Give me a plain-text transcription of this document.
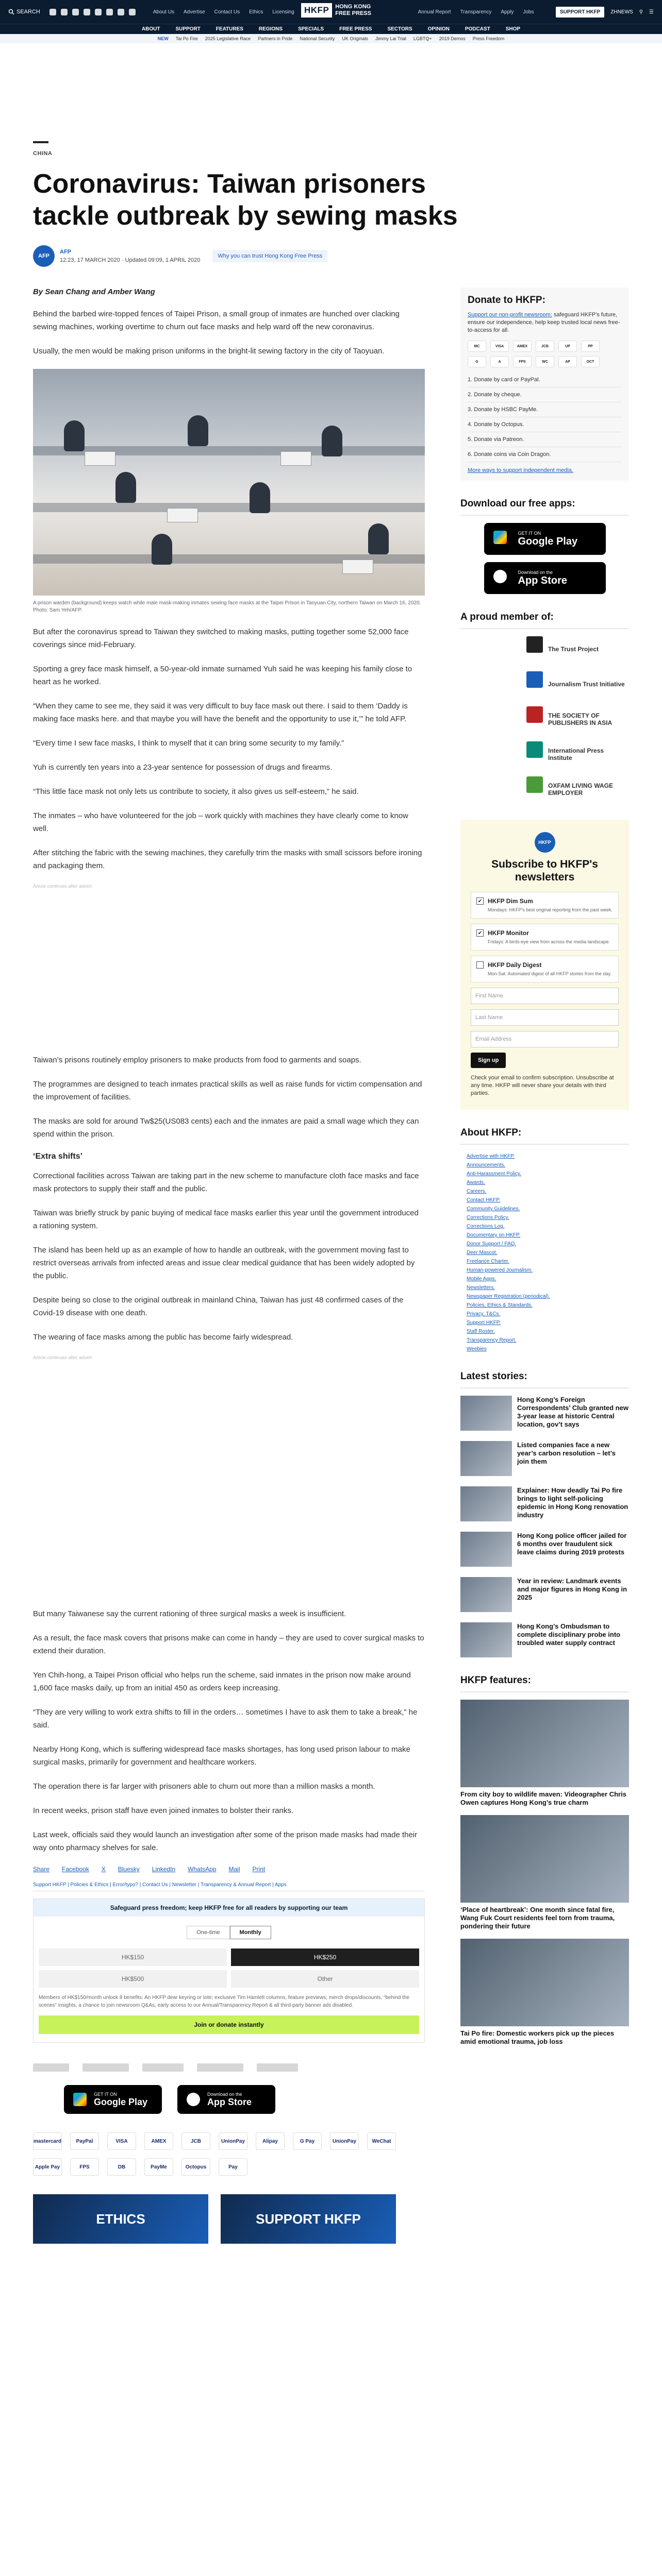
SEARCH	About Us Advertise Contact Us Ethics Licensing	HKFP	HONG KONG FREE PRESS	Annual Report Transparency Apply Jobs	SUPPORT HKFP	ZHNEWS ⚲ ☰
ABOUT	SUPPORT	FEATURES	REGIONS	SPECIALS	FREE PRESS	SECTORS	OPINION	PODCAST	SHOP
NEW Tai Po Fire 2025 Legislative Race Partners in Pride National Security UK Originals Jimmy Lai Trial LGBTQ+ 2019 Demos Press Freedom
CHINA
Coronavirus: Taiwan prisoners tackle outbreak by sewing masks
AFP
AFP
12:23, 17 MARCH 2020 · Updated 09:09, 1 APRIL 2020
Why you can trust Hong Kong Free Press
By Sean Chang and Amber Wang

Behind the barbed wire-topped fences of Taipei Prison, a small group of inmates are hunched over clacking sewing machines, working overtime to churn out face masks and help ward off the new coronavirus.

Usually, the men would be making prison uniforms in the bright-lit sewing factory in the city of Taoyuan.

A prison warden (background) keeps watch while male mask-making inmates sewing face masks at the Taipei Prison in Taoyuan City, northern Taiwan on March 16, 2020. Photo: Sam Yeh/AFP.

But after the coronavirus spread to Taiwan they switched to making masks, putting together some 52,000 face coverings since mid-February.

Sporting a grey face mask himself, a 50-year-old inmate surnamed Yuh said he was keeping his family close to heart as he worked.

“When they came to see me, they said it was very difficult to buy face mask out there. I said to them ‘Daddy is making face masks here. and that maybe you will have the benefit and the opportunity to use it,’” he told AFP.

“Every time I sew face masks, I think to myself that it can bring some security to my family.”

Yuh is currently ten years into a 23-year sentence for possession of drugs and firearms.

“This little face mask not only lets us contribute to society, it also gives us self-esteem,” he said.

The inmates – who have volunteered for the job – work quickly with machines they have clearly come to know well.

After stitching the fabric with the sewing machines, they carefully trim the masks with small scissors before ironing and packaging them.

Article continues after advert

Taiwan’s prisons routinely employ prisoners to make products from food to garments and soaps.

The programmes are designed to teach inmates practical skills as well as raise funds for victim compensation and the improvement of facilities.

The masks are sold for around Tw$25(US083 cents) each and the inmates are paid a small wage which they can spend within the prison.

‘Extra shifts’

Correctional facilities across Taiwan are taking part in the new scheme to manufacture cloth face masks and face mask protectors to supply their staff and the public.

Taiwan was briefly struck by panic buying of medical face masks earlier this year until the government introduced a rationing system.

The island has been held up as an example of how to handle an outbreak, with the government moving fast to restrict overseas arrivals from infected areas and issue clear medical guidance that has been widely adopted by the public.

Despite being so close to the original outbreak in mainland China, Taiwan has just 48 confirmed cases of the Covid-19 disease with one death.

The wearing of face masks among the public has become fairly widespread.

Article continues after advert

But many Taiwanese say the current rationing of three surgical masks a week is insufficient.

As a result, the face mask covers that prisons make can come in handy – they are used to cover surgical masks to extend their duration.

Yen Chih-hong, a Taipei Prison official who helps run the scheme, said inmates in the prison now make around 1,600 face masks daily, up from an initial 450 as orders keep increasing.

“They are very willing to work extra shifts to fill in the orders… sometimes I have to ask them to take a break,” he said.

Nearby Hong Kong, which is suffering widespread face masks shortages, has long used prison labour to make surgical masks, primarily for government and healthcare workers.

The operation there is far larger with prisoners able to churn out more than a million masks a month.

In recent weeks, prison staff have even joined inmates to bolster their ranks.

Last week, officials said they would launch an investigation after some of the prison made masks had made their way onto pharmacy shelves for sale.

Share Facebook X Bluesky LinkedIn WhatsApp Mail Print
Support HKFP | Policies & Ethics | Error/typo? | Contact Us | Newsletter | Transparency & Annual Report | Apps
Safeguard press freedom; keep HKFP free for all readers by supporting our team
One-time	Monthly
HK$150	HK$250
HK$500	Other
Members of HK$150/month unlock 8 benefits: An HKFP dear keyring or tote; exclusive Tim Hamlett columns, feature previews; merch drops/discounts, “behind the scenes” insights, a chance to join newsroom Q&As, early access to our Annual/Transparency Report & all third-party banner ads disabled.
Join or donate instantly
GET IT ON
Google Play
Download on the
App Store
mastercard	PayPal	VISA	AMEX	JCB	UnionPay	Alipay	G Pay	UnionPay	WeChat
Apple Pay	FPS	DB	PayMe	Octopus	Pay
ETHICS	SUPPORT HKFP
Donate to HKFP:
Support our non-profit newsroom: safeguard HKFP's future, ensure our independence, help keep trusted local news free-to-access for all.
MC	VISA	AMEX	JCB	UP	PP
G	A	FPS	WC	AP	OCT
1. Donate by card or PayPal.
2. Donate by cheque.
3. Donate by HSBC PayMe.
4. Donate by Octopus.
5. Donate via Patreon.
6. Donate coins via Coin Dragon.
More ways to support independent media.
Download our free apps:
GET IT ON
Google Play
Download on the
App Store
A proud member of:
The Trust Project
Journalism Trust Initiative
THE SOCIETY OF PUBLISHERS IN ASIA
International Press Institute
OXFAM LIVING WAGE EMPLOYER
HKFP
Subscribe to HKFP's newsletters
✔ HKFP Dim Sum
Mondays: HKFP's best original reporting from the past week.
✔ HKFP Monitor
Fridays: A birds-eye view from across the media landscape.
HKFP Daily Digest
Mon-Sat: Automated digest of all HKFP stories from the day.
First Name
Last Name
Email Address
Sign up
Check your email to confirm subscription. Unsubscribe at any time. HKFP will never share your details with third parties.
About HKFP:
Advertise with HKFP.
Announcements.
Anti-Harassment Policy.
Awards.
Careers.
Contact HKFP.
Community Guidelines.
Corrections Policy.
Corrections Log.
Documentary on HKFP.
Donor Support / FAQ.
Deer Mascot.
Freelance Charter.
Human-powered Journalism.
Mobile Apps.
Newsletters.
Newspaper Registration (periodical).
Policies, Ethics & Standards.
Privacy, T&Cs.
Support HKFP.
Staff Roster.
Transparency Report.
Weebies
Latest stories:
Hong Kong’s Foreign Correspondents’ Club granted new 3-year lease at historic Central location, gov’t says
Listed companies face a new year’s carbon resolution – let’s join them
Explainer: How deadly Tai Po fire brings to light self-policing epidemic in Hong Kong renovation industry
Hong Kong police officer jailed for 6 months over fraudulent sick leave claims during 2019 protests
Year in review: Landmark events and major figures in Hong Kong in 2025
Hong Kong’s Ombudsman to complete disciplinary probe into troubled water supply contract
HKFP features:
From city boy to wildlife maven: Videographer Chris Owen captures Hong Kong’s true charm
‘Place of heartbreak’: One month since fatal fire, Wang Fuk Court residents feel torn from trauma, pondering their future
Tai Po fire: Domestic workers pick up the pieces amid emotional trauma, job loss
